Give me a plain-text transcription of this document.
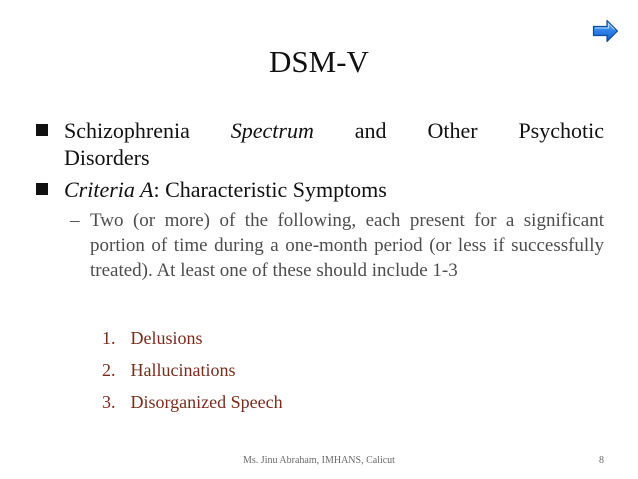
DSM-V
Schizophrenia Spectrum and Other Psychotic
Disorders
Criteria A: Characteristic Symptoms
– Two (or more) of the following, each present for a significant portion of time during a one-month period (or less if successfully treated). At least one of these should include 1-3
1. Delusions
2. Hallucinations
3. Disorganized Speech
Ms. Jinu Abraham, IMHANS, Calicut	8
